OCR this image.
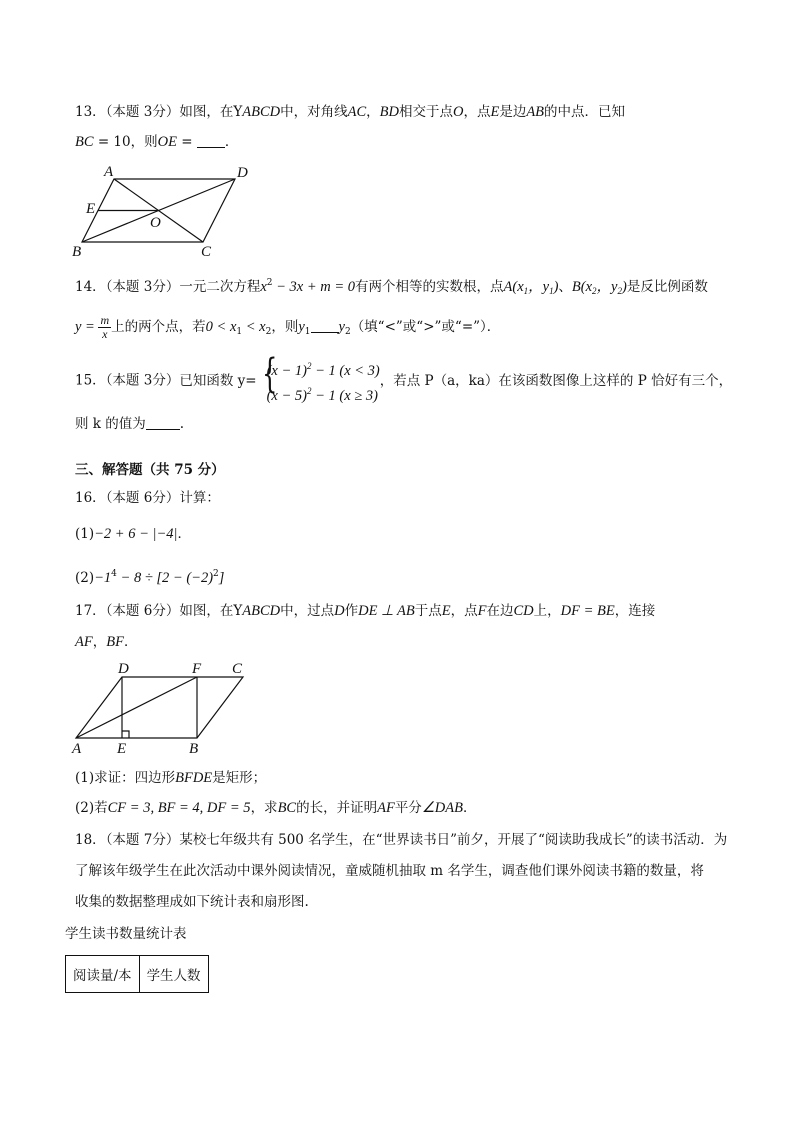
13．（本题 3分）如图，在YABCD中，对角线AC，BD相交于点O，点E是边AB的中点．已知
BC = 10，则OE = ．
A	D
E
O
B	C
14．（本题 3分）一元二次方程$x^2 - 3x + m = 0$有两个相等的实数根，点$A(x_1$，$y_1$)、$B(x_2$，$y_2$)是反比例函数
$y = \frac{m}{x}$ 上的两个点，若$0 < x_1 < x_2$，则$y_1$ $y_2$（填“<”或“>”或“=”）．
15．（本题 3分）已知函数 y= {
$(x - 1)^2 - 1$ (x < 3)
$(x - 5)^2 - 1$ (x ≥ 3)
，若点 P（a，ka）在该函数图像上这样的 P 恰好有三个，
则 k 的值为	.
三、解答题（共 75 分）
16．（本题 6分）计算：
(1)−2 + 6 − |−4|．
$(2)-1^4 - 8 \div [2 - (-2)^2]$
17．（本题 6分）如图，在YABCD中，过点D作DE ⊥ AB于点E，点F在边CD上，DF = BE，连接
AF，BF．
D	F C
A E	B
(1)求证：四边形BFDE是矩形；
(2)若CF = 3, BF = 4, DF = 5，求BC的长，并证明AF平分∠DAB．
18．（本题 7分）某校七年级共有 500 名学生，在“世界读书日”前夕，开展了“阅读助我成长”的读书活动．为
了解该年级学生在此次活动中课外阅读情况，童威随机抽取 m 名学生，调查他们课外阅读书籍的数量，将
收集的数据整理成如下统计表和扇形图.
学生读书数量统计表
阅读量/本	学生人数
